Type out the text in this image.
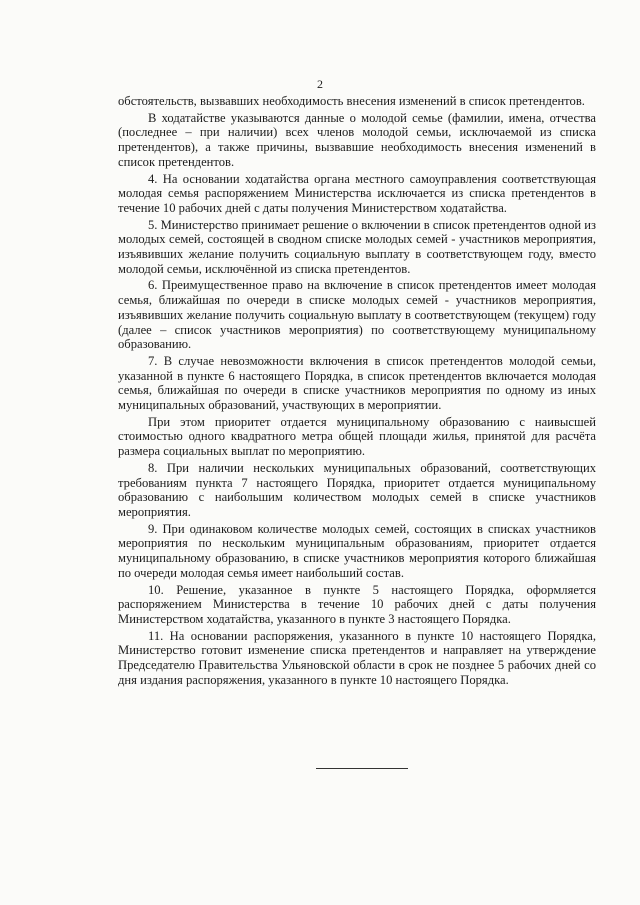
2

обстоятельств, вызвавших необходимость внесения изменений в список претендентов.

В ходатайстве указываются данные о молодой семье (фамилии, имена, отчества (последнее – при наличии) всех членов молодой семьи, исключаемой из списка претендентов), а также причины, вызвавшие необходимость внесения изменений в список претендентов.

4. На основании ходатайства органа местного самоуправления соответствующая молодая семья распоряжением Министерства исключается из списка претендентов в течение 10 рабочих дней с даты получения Министерством ходатайства.

5. Министерство принимает решение о включении в список претендентов одной из молодых семей, состоящей в сводном списке молодых семей - участников мероприятия, изъявивших желание получить социальную выплату в соответствующем году, вместо молодой семьи, исключённой из списка претендентов.

6. Преимущественное право на включение в список претендентов имеет молодая семья, ближайшая по очереди в списке молодых семей - участников мероприятия, изъявивших желание получить социальную выплату в соответствующем (текущем) году (далее – список участников мероприятия) по соответствующему муниципальному образованию.

7. В случае невозможности включения в список претендентов молодой семьи, указанной в пункте 6 настоящего Порядка, в список претендентов включается молодая семья, ближайшая по очереди в списке участников мероприятия по одному из иных муниципальных образований, участвующих в мероприятии.

При этом приоритет отдается муниципальному образованию с наивысшей стоимостью одного квадратного метра общей площади жилья, принятой для расчёта размера социальных выплат по мероприятию.

8. При наличии нескольких муниципальных образований, соответствующих требованиям пункта 7 настоящего Порядка, приоритет отдается муниципальному образованию с наибольшим количеством молодых семей в списке участников мероприятия.

9. При одинаковом количестве молодых семей, состоящих в списках участников мероприятия по нескольким муниципальным образованиям, приоритет отдается муниципальному образованию, в списке участников мероприятия которого ближайшая по очереди молодая семья имеет наибольший состав.

10. Решение, указанное в пункте 5 настоящего Порядка, оформляется распоряжением Министерства в течение 10 рабочих дней с даты получения Министерством ходатайства, указанного в пункте 3 настоящего Порядка.

11. На основании распоряжения, указанного в пункте 10 настоящего Порядка, Министерство готовит изменение списка претендентов и направляет на утверждение Председателю Правительства Ульяновской области в срок не позднее 5 рабочих дней со дня издания распоряжения, указанного в пункте 10 настоящего Порядка.
